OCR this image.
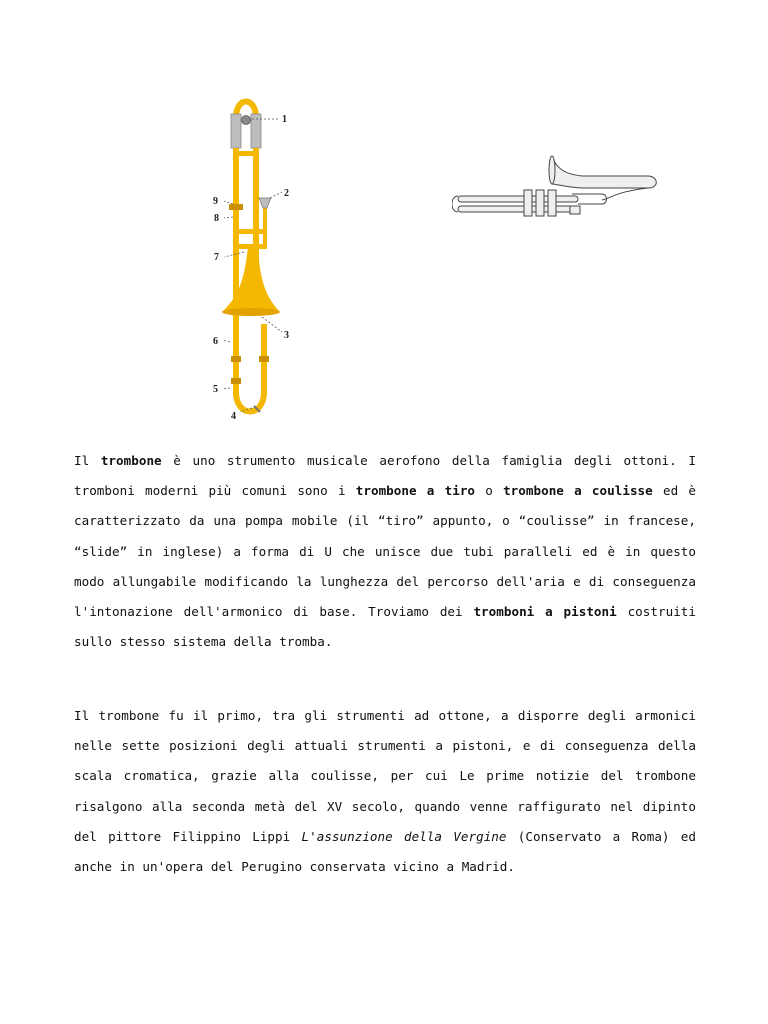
1
2
3
4
5
6
7
8
9
Il trombone è uno strumento musicale aerofono della famiglia degli ottoni. I tromboni moderni più comuni sono i trombone a tiro o trombone a coulisse ed è caratterizzato da una pompa mobile (il “tiro” appunto, o “coulisse” in francese, “slide” in inglese) a forma di U che unisce due tubi paralleli ed è in questo modo allungabile modificando la lunghezza del percorso dell'aria e di conseguenza l'intonazione dell'armonico di base. Troviamo dei tromboni a pistoni costruiti sullo stesso sistema della tromba.
Il trombone fu il primo, tra gli strumenti ad ottone, a disporre degli armonici nelle sette posizioni degli attuali strumenti a pistoni, e di conseguenza della scala cromatica, grazie alla coulisse, per cui Le prime notizie del trombone risalgono alla seconda metà del XV secolo, quando venne raffigurato nel dipinto del pittore Filippino Lippi L'assunzione della Vergine (Conservato a Roma) ed anche in un'opera del Perugino conservata vicino a Madrid.
